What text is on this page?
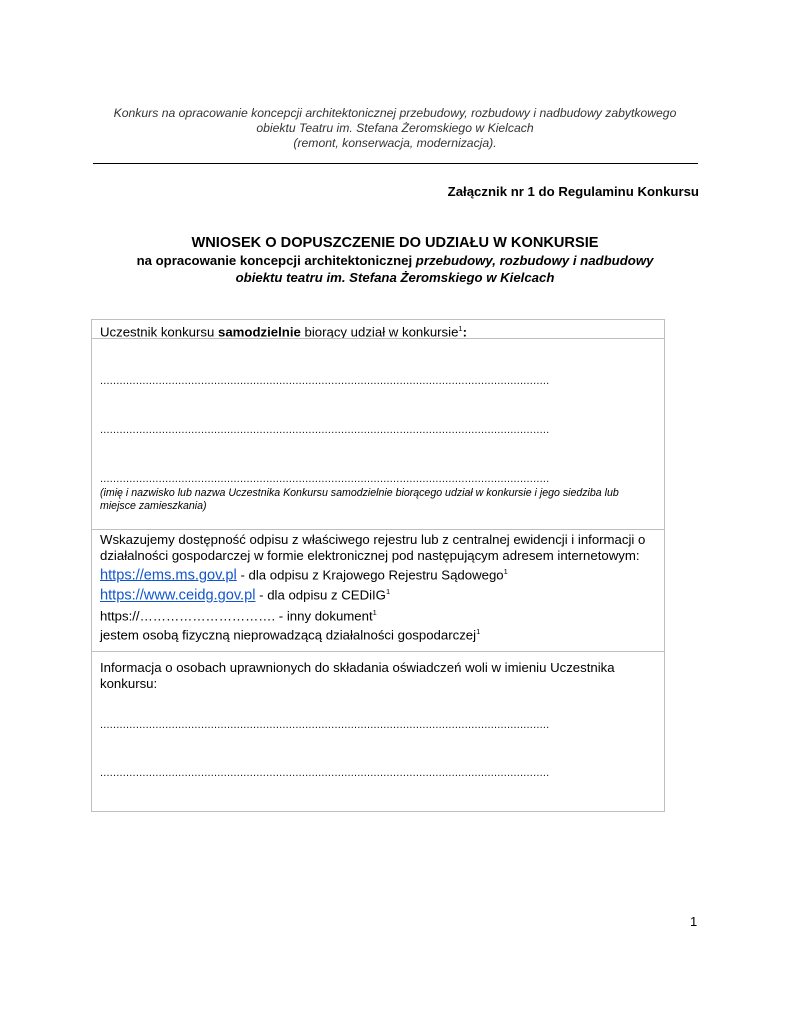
Konkurs na opracowanie koncepcji architektonicznej przebudowy, rozbudowy i nadbudowy zabytkowego
obiektu Teatru im. Stefana Żeromskiego w Kielcach
(remont, konserwacja, modernizacja).
Załącznik nr 1 do Regulaminu Konkursu
WNIOSEK O DOPUSZCZENIE DO UDZIAŁU W KONKURSIE
na opracowanie koncepcji architektonicznej przebudowy, rozbudowy i nadbudowy
obiektu teatru im. Stefana Żeromskiego w Kielcach
Uczestnik konkursu samodzielnie biorący udział w konkursie$^1$:
..........................................................................................................................................
..........................................................................................................................................
..........................................................................................................................................
(imię i nazwisko lub nazwa Uczestnika Konkursu samodzielnie biorącego udział w konkursie i jego siedziba lub miejsce zamieszkania)
Wskazujemy dostępność odpisu z właściwego rejestru lub z centralnej ewidencji i informacji o działalności gospodarczej w formie elektronicznej pod następującym adresem internetowym:
https://ems.ms.gov.pl - dla odpisu z Krajowego Rejestru Sądowego$^1$
https://www.ceidg.gov.pl - dla odpisu z CEDiIG$^1$
https://…………………………. - inny dokument$^1$
jestem osobą fizyczną nieprowadzącą działalności gospodarczej$^1$
Informacja o osobach uprawnionych do składania oświadczeń woli w imieniu Uczestnika konkursu:
..........................................................................................................................................
..........................................................................................................................................
1
